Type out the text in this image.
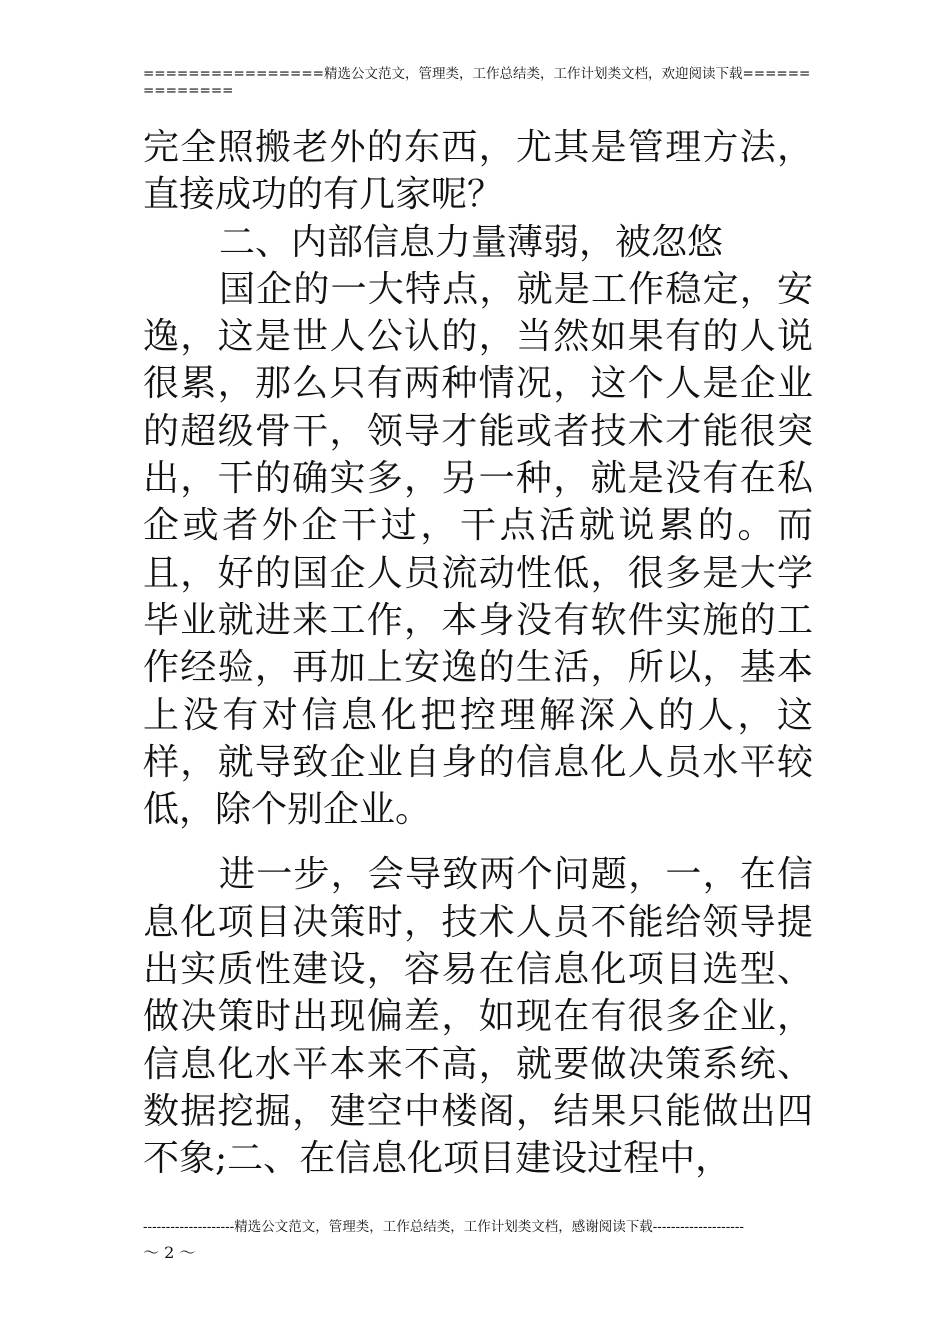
================精选公文范文，管理类，工作总结类，工作计划类文档，欢迎阅读下载==============

完全照搬老外的东西，尤其是管理方法，直接成功的有几家呢？

二、内部信息力量薄弱，被忽悠

国企的一大特点，就是工作稳定，安逸，这是世人公认的，当然如果有的人说很累，那么只有两种情况，这个人是企业的超级骨干，领导才能或者技术才能很突出，干的确实多，另一种，就是没有在私企或者外企干过，干点活就说累的。而且，好的国企人员流动性低，很多是大学毕业就进来工作，本身没有软件实施的工作经验，再加上安逸的生活，所以，基本上没有对信息化把控理解深入的人，这样，就导致企业自身的信息化人员水平较低，除个别企业。

进一步，会导致两个问题，一，在信息化项目决策时，技术人员不能给领导提出实质性建设，容易在信息化项目选型、做决策时出现偏差，如现在有很多企业，信息化水平本来不高，就要做决策系统、数据挖掘，建空中楼阁，结果只能做出四不象;二、在信息化项目建设过程中，

--------------------精选公文范文，管理类，工作总结类，工作计划类文档，感谢阅读下载--------------------
～ 2 ～
